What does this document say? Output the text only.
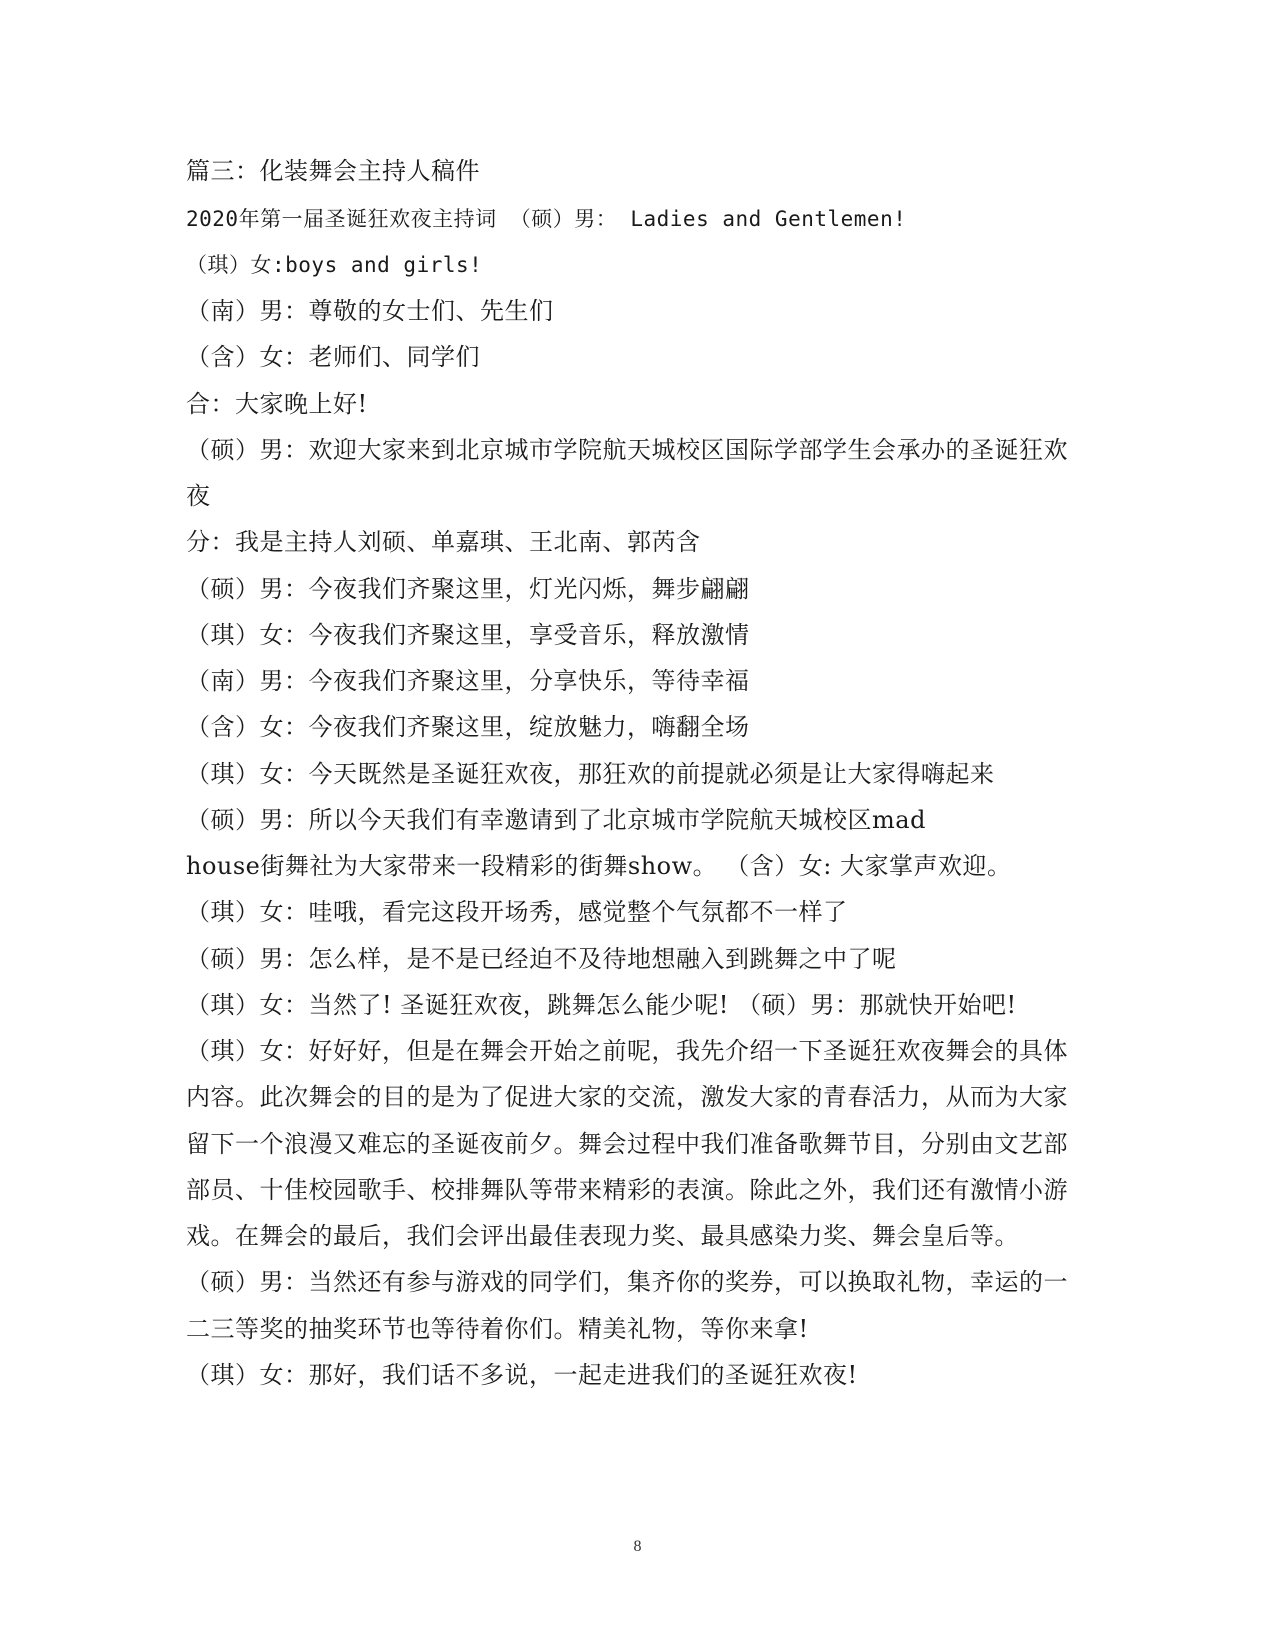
篇三：化装舞会主持人稿件
2020年第一届圣诞狂欢夜主持词 （硕）男： Ladies and Gentlemen!
（琪）女:boys and girls!
（南）男：尊敬的女士们、先生们
（含）女：老师们、同学们
合：大家晚上好!
（硕）男：欢迎大家来到北京城市学院航天城校区国际学部学生会承办的圣诞狂欢
夜
分：我是主持人刘硕、单嘉琪、王北南、郭芮含
（硕）男：今夜我们齐聚这里，灯光闪烁，舞步翩翩
（琪）女：今夜我们齐聚这里，享受音乐，释放激情
（南）男：今夜我们齐聚这里，分享快乐，等待幸福
（含）女：今夜我们齐聚这里，绽放魅力，嗨翻全场
（琪）女：今天既然是圣诞狂欢夜，那狂欢的前提就必须是让大家得嗨起来
（硕）男：所以今天我们有幸邀请到了北京城市学院航天城校区mad
house街舞社为大家带来一段精彩的街舞show。 （含）女: 大家掌声欢迎。
（琪）女：哇哦，看完这段开场秀，感觉整个气氛都不一样了
（硕）男：怎么样，是不是已经迫不及待地想融入到跳舞之中了呢
（琪）女：当然了! 圣诞狂欢夜，跳舞怎么能少呢! （硕）男：那就快开始吧!
（琪）女：好好好，但是在舞会开始之前呢，我先介绍一下圣诞狂欢夜舞会的具体
内容。此次舞会的目的是为了促进大家的交流，激发大家的青春活力，从而为大家
留下一个浪漫又难忘的圣诞夜前夕。舞会过程中我们准备歌舞节目，分别由文艺部
部员、十佳校园歌手、校排舞队等带来精彩的表演。除此之外，我们还有激情小游
戏。在舞会的最后，我们会评出最佳表现力奖、最具感染力奖、舞会皇后等。
（硕）男：当然还有参与游戏的同学们，集齐你的奖券，可以换取礼物，幸运的一
二三等奖的抽奖环节也等待着你们。精美礼物，等你来拿!
（琪）女：那好，我们话不多说，一起走进我们的圣诞狂欢夜!
8
